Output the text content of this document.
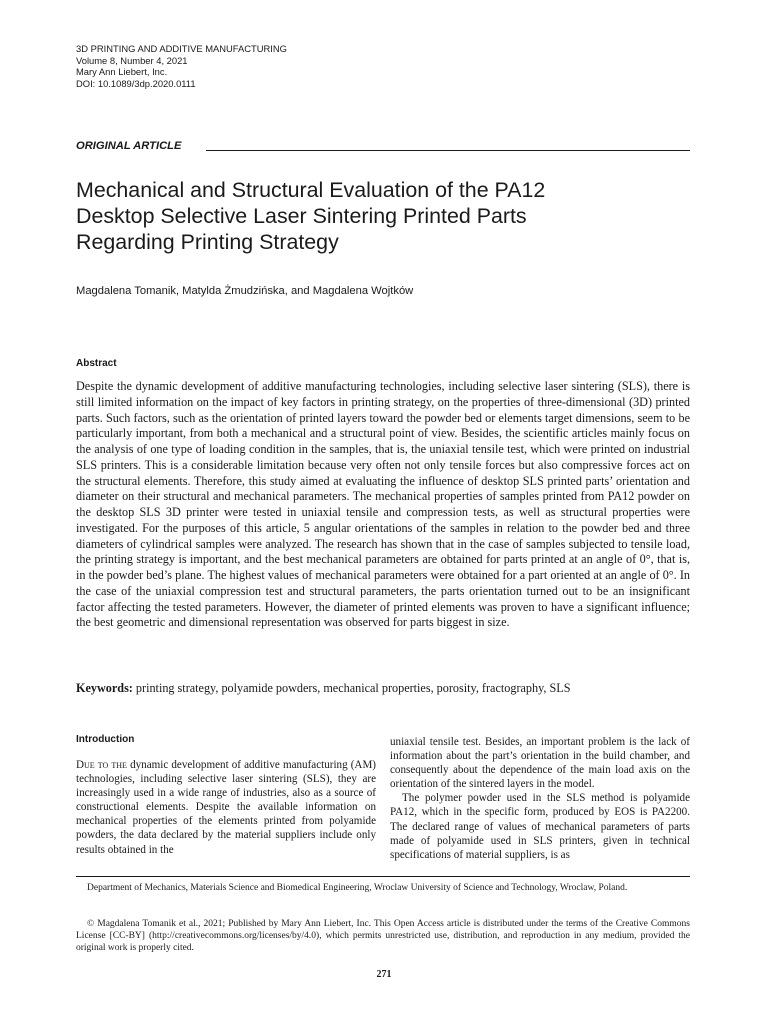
3D PRINTING AND ADDITIVE MANUFACTURING
Volume 8, Number 4, 2021
Mary Ann Liebert, Inc.
DOI: 10.1089/3dp.2020.0111
ORIGINAL ARTICLE
Mechanical and Structural Evaluation of the PA12
Desktop Selective Laser Sintering Printed Parts
Regarding Printing Strategy
Magdalena Tomanik, Matylda Żmudzińska, and Magdalena Wojtków
Abstract
Despite the dynamic development of additive manufacturing technologies, including selective laser sintering (SLS), there is still limited information on the impact of key factors in printing strategy, on the properties of three-dimensional (3D) printed parts. Such factors, such as the orientation of printed layers toward the powder bed or elements target dimensions, seem to be particularly important, from both a mechanical and a structural point of view. Besides, the scientific articles mainly focus on the analysis of one type of loading condition in the samples, that is, the uniaxial tensile test, which were printed on industrial SLS printers. This is a considerable limitation because very often not only tensile forces but also compressive forces act on the structural elements. Therefore, this study aimed at evaluating the influence of desktop SLS printed parts’ orientation and diameter on their structural and mechanical parameters. The mechanical properties of samples printed from PA12 powder on the desktop SLS 3D printer were tested in uniaxial tensile and compression tests, as well as structural properties were investigated. For the purposes of this article, 5 angular orientations of the samples in relation to the powder bed and three diameters of cylindrical samples were analyzed. The research has shown that in the case of samples subjected to tensile load, the printing strategy is important, and the best mechanical parameters are obtained for parts printed at an angle of 0°, that is, in the powder bed’s plane. The highest values of mechanical parameters were obtained for a part oriented at an angle of 0°. In the case of the uniaxial compression test and structural parameters, the parts orientation turned out to be an insignificant factor affecting the tested parameters. However, the diameter of printed elements was proven to have a significant influence; the best geometric and dimensional representation was observed for parts biggest in size.
Keywords: printing strategy, polyamide powders, mechanical properties, porosity, fractography, SLS
Introduction
Due to the dynamic development of additive manufacturing (AM) technologies, including selective laser sintering (SLS), they are increasingly used in a wide range of industries, also as a source of constructional elements. Despite the available information on mechanical properties of the elements printed from polyamide powders, the data declared by the material suppliers include only results obtained in the

uniaxial tensile test. Besides, an important problem is the lack of information about the part’s orientation in the build chamber, and consequently about the dependence of the main load axis on the orientation of the sintered layers in the model.

The polymer powder used in the SLS method is polyamide PA12, which in the specific form, produced by EOS is PA2200. The declared range of values of mechanical parameters of parts made of polyamide used in SLS printers, given in technical specifications of material suppliers, is as

Department of Mechanics, Materials Science and Biomedical Engineering, Wroclaw University of Science and Technology, Wroclaw, Poland.
© Magdalena Tomanik et al., 2021; Published by Mary Ann Liebert, Inc. This Open Access article is distributed under the terms of the Creative Commons License [CC-BY] (http://creativecommons.org/licenses/by/4.0), which permits unrestricted use, distribution, and reproduction in any medium, provided the original work is properly cited.
271
